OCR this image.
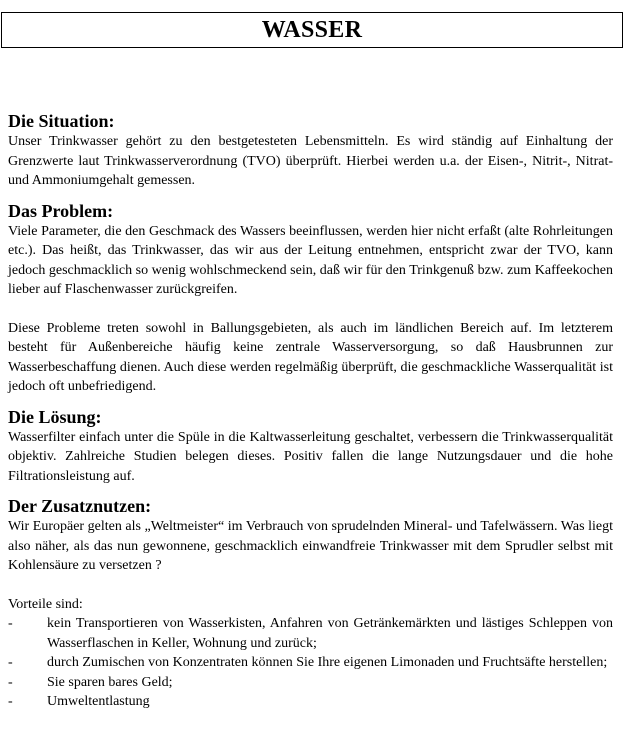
WASSER
Die Situation:

Unser Trinkwasser gehört zu den bestgetesteten Lebensmitteln. Es wird ständig auf Einhaltung der Grenzwerte laut Trinkwasserverordnung (TVO) überprüft. Hierbei werden u.a. der Eisen-, Nitrit-, Nitrat- und Ammoniumgehalt gemessen.

Das Problem:

Viele Parameter, die den Geschmack des Wassers beeinflussen, werden hier nicht erfaßt (alte Rohrleitungen etc.). Das heißt, das Trinkwasser, das wir aus der Leitung entnehmen, entspricht zwar der TVO, kann jedoch geschmacklich so wenig wohlschmeckend sein, daß wir für den Trinkgenuß bzw. zum Kaffeekochen lieber auf Flaschenwasser zurückgreifen.

Diese Probleme treten sowohl in Ballungsgebieten, als auch im ländlichen Bereich auf. Im letzterem besteht für Außenbereiche häufig keine zentrale Wasserversorgung, so daß Hausbrunnen zur Wasserbeschaffung dienen. Auch diese werden regelmäßig überprüft, die geschmackliche Wasserqualität ist jedoch oft unbefriedigend.

Die Lösung:

Wasserfilter einfach unter die Spüle in die Kaltwasserleitung geschaltet, verbessern die Trinkwasserqualität objektiv. Zahlreiche Studien belegen dieses. Positiv fallen die lange Nutzungsdauer und die hohe Filtrationsleistung auf.

Der Zusatznutzen:

Wir Europäer gelten als „Weltmeister“ im Verbrauch von sprudelnden Mineral- und Tafelwässern. Was liegt also näher, als das nun gewonnene, geschmacklich einwandfreie Trinkwasser mit dem Sprudler selbst mit Kohlensäure zu versetzen ?

Vorteile sind:

- kein Transportieren von Wasserkisten, Anfahren von Getränkemärkten und lästiges Schleppen von Wasserflaschen in Keller, Wohnung und zurück;
- durch Zumischen von Konzentraten können Sie Ihre eigenen Limonaden und Fruchtsäfte herstellen;
- Sie sparen bares Geld;
- Umweltentlastung
